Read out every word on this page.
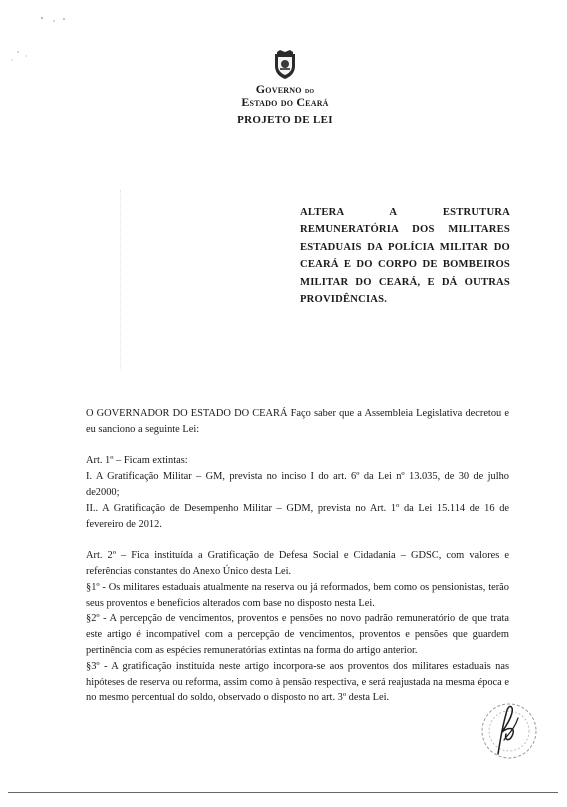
Governo do
Estado do Ceará
PROJETO DE LEI
ALTERA A ESTRUTURA REMUNERATÓRIA DOS MILITARES ESTADUAIS DA POLÍCIA MILITAR DO CEARÁ E DO CORPO DE BOMBEIROS MILITAR DO CEARÁ, E DÁ OUTRAS PROVIDÊNCIAS.

O GOVERNADOR DO ESTADO DO CEARÁ Faço saber que a Assembleia Legislativa decretou e eu sanciono a seguinte Lei:

Art. 1º – Ficam extintas:

I. A Gratificação Militar – GM, prevista no inciso I do art. 6º da Lei nº 13.035, de 30 de julho de2000;

II.. A Gratificação de Desempenho Militar – GDM, prevista no Art. 1º da Lei 15.114 de 16 de fevereiro de 2012.

Art. 2º – Fica instituída a Gratificação de Defesa Social e Cidadania – GDSC, com valores e referências constantes do Anexo Único desta Lei.

§1º - Os militares estaduais atualmente na reserva ou já reformados, bem como os pensionistas, terão seus proventos e benefícios alterados com base no disposto nesta Lei.

§2º - A percepção de vencimentos, proventos e pensões no novo padrão remuneratório de que trata este artigo é incompatível com a percepção de vencimentos, proventos e pensões que guardem pertinência com as espécies remuneratórias extintas na forma do artigo anterior.

§3º - A gratificação instituída neste artigo incorpora-se aos proventos dos militares estaduais nas hipóteses de reserva ou reforma, assim como à pensão respectiva, e será reajustada na mesma época e no mesmo percentual do soldo, observado o disposto no art. 3º desta Lei.
